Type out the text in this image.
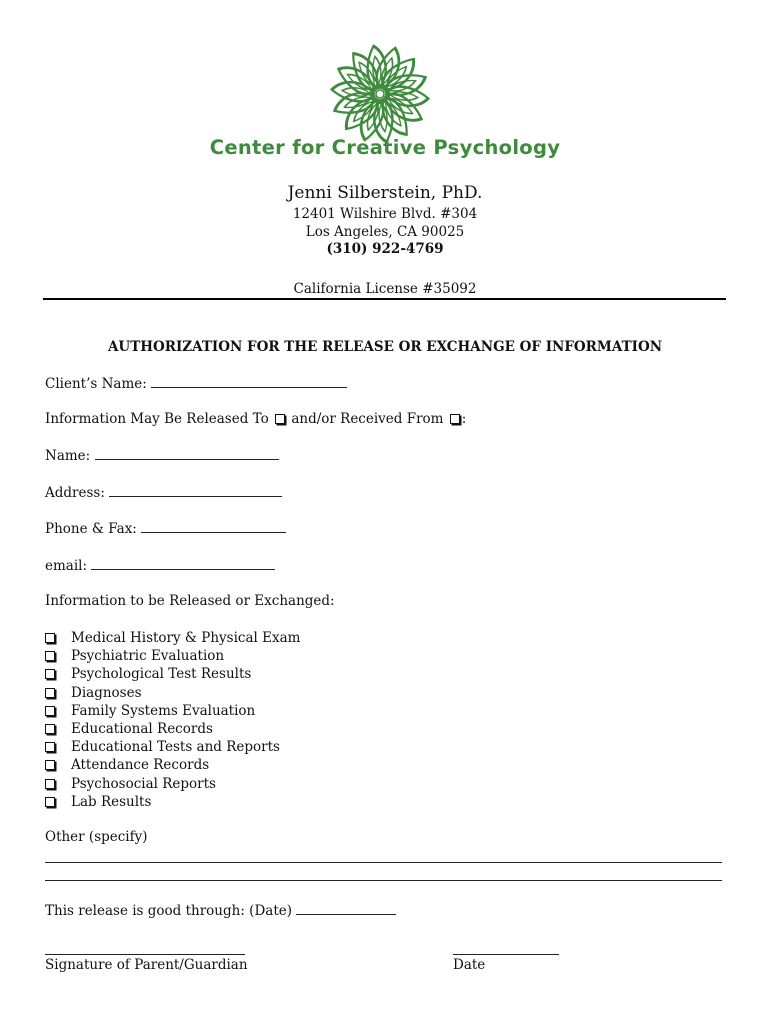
Center for Creative Psychology
Jenni Silberstein, PhD.
12401 Wilshire Blvd. #304
Los Angeles, CA 90025
(310) 922-4769
California License #35092
AUTHORIZATION FOR THE RELEASE OR EXCHANGE OF INFORMATION
Client’s Name:
Information May Be Released To and/or Received From :
Name:
Address:
Phone & Fax:
email:
Information to be Released or Exchanged:
Medical History & Physical Exam
Psychiatric Evaluation
Psychological Test Results
Diagnoses
Family Systems Evaluation
Educational Records
Educational Tests and Reports
Attendance Records
Psychosocial Reports
Lab Results
Other (specify)
This release is good through: (Date)
Signature of Parent/Guardian	Date
